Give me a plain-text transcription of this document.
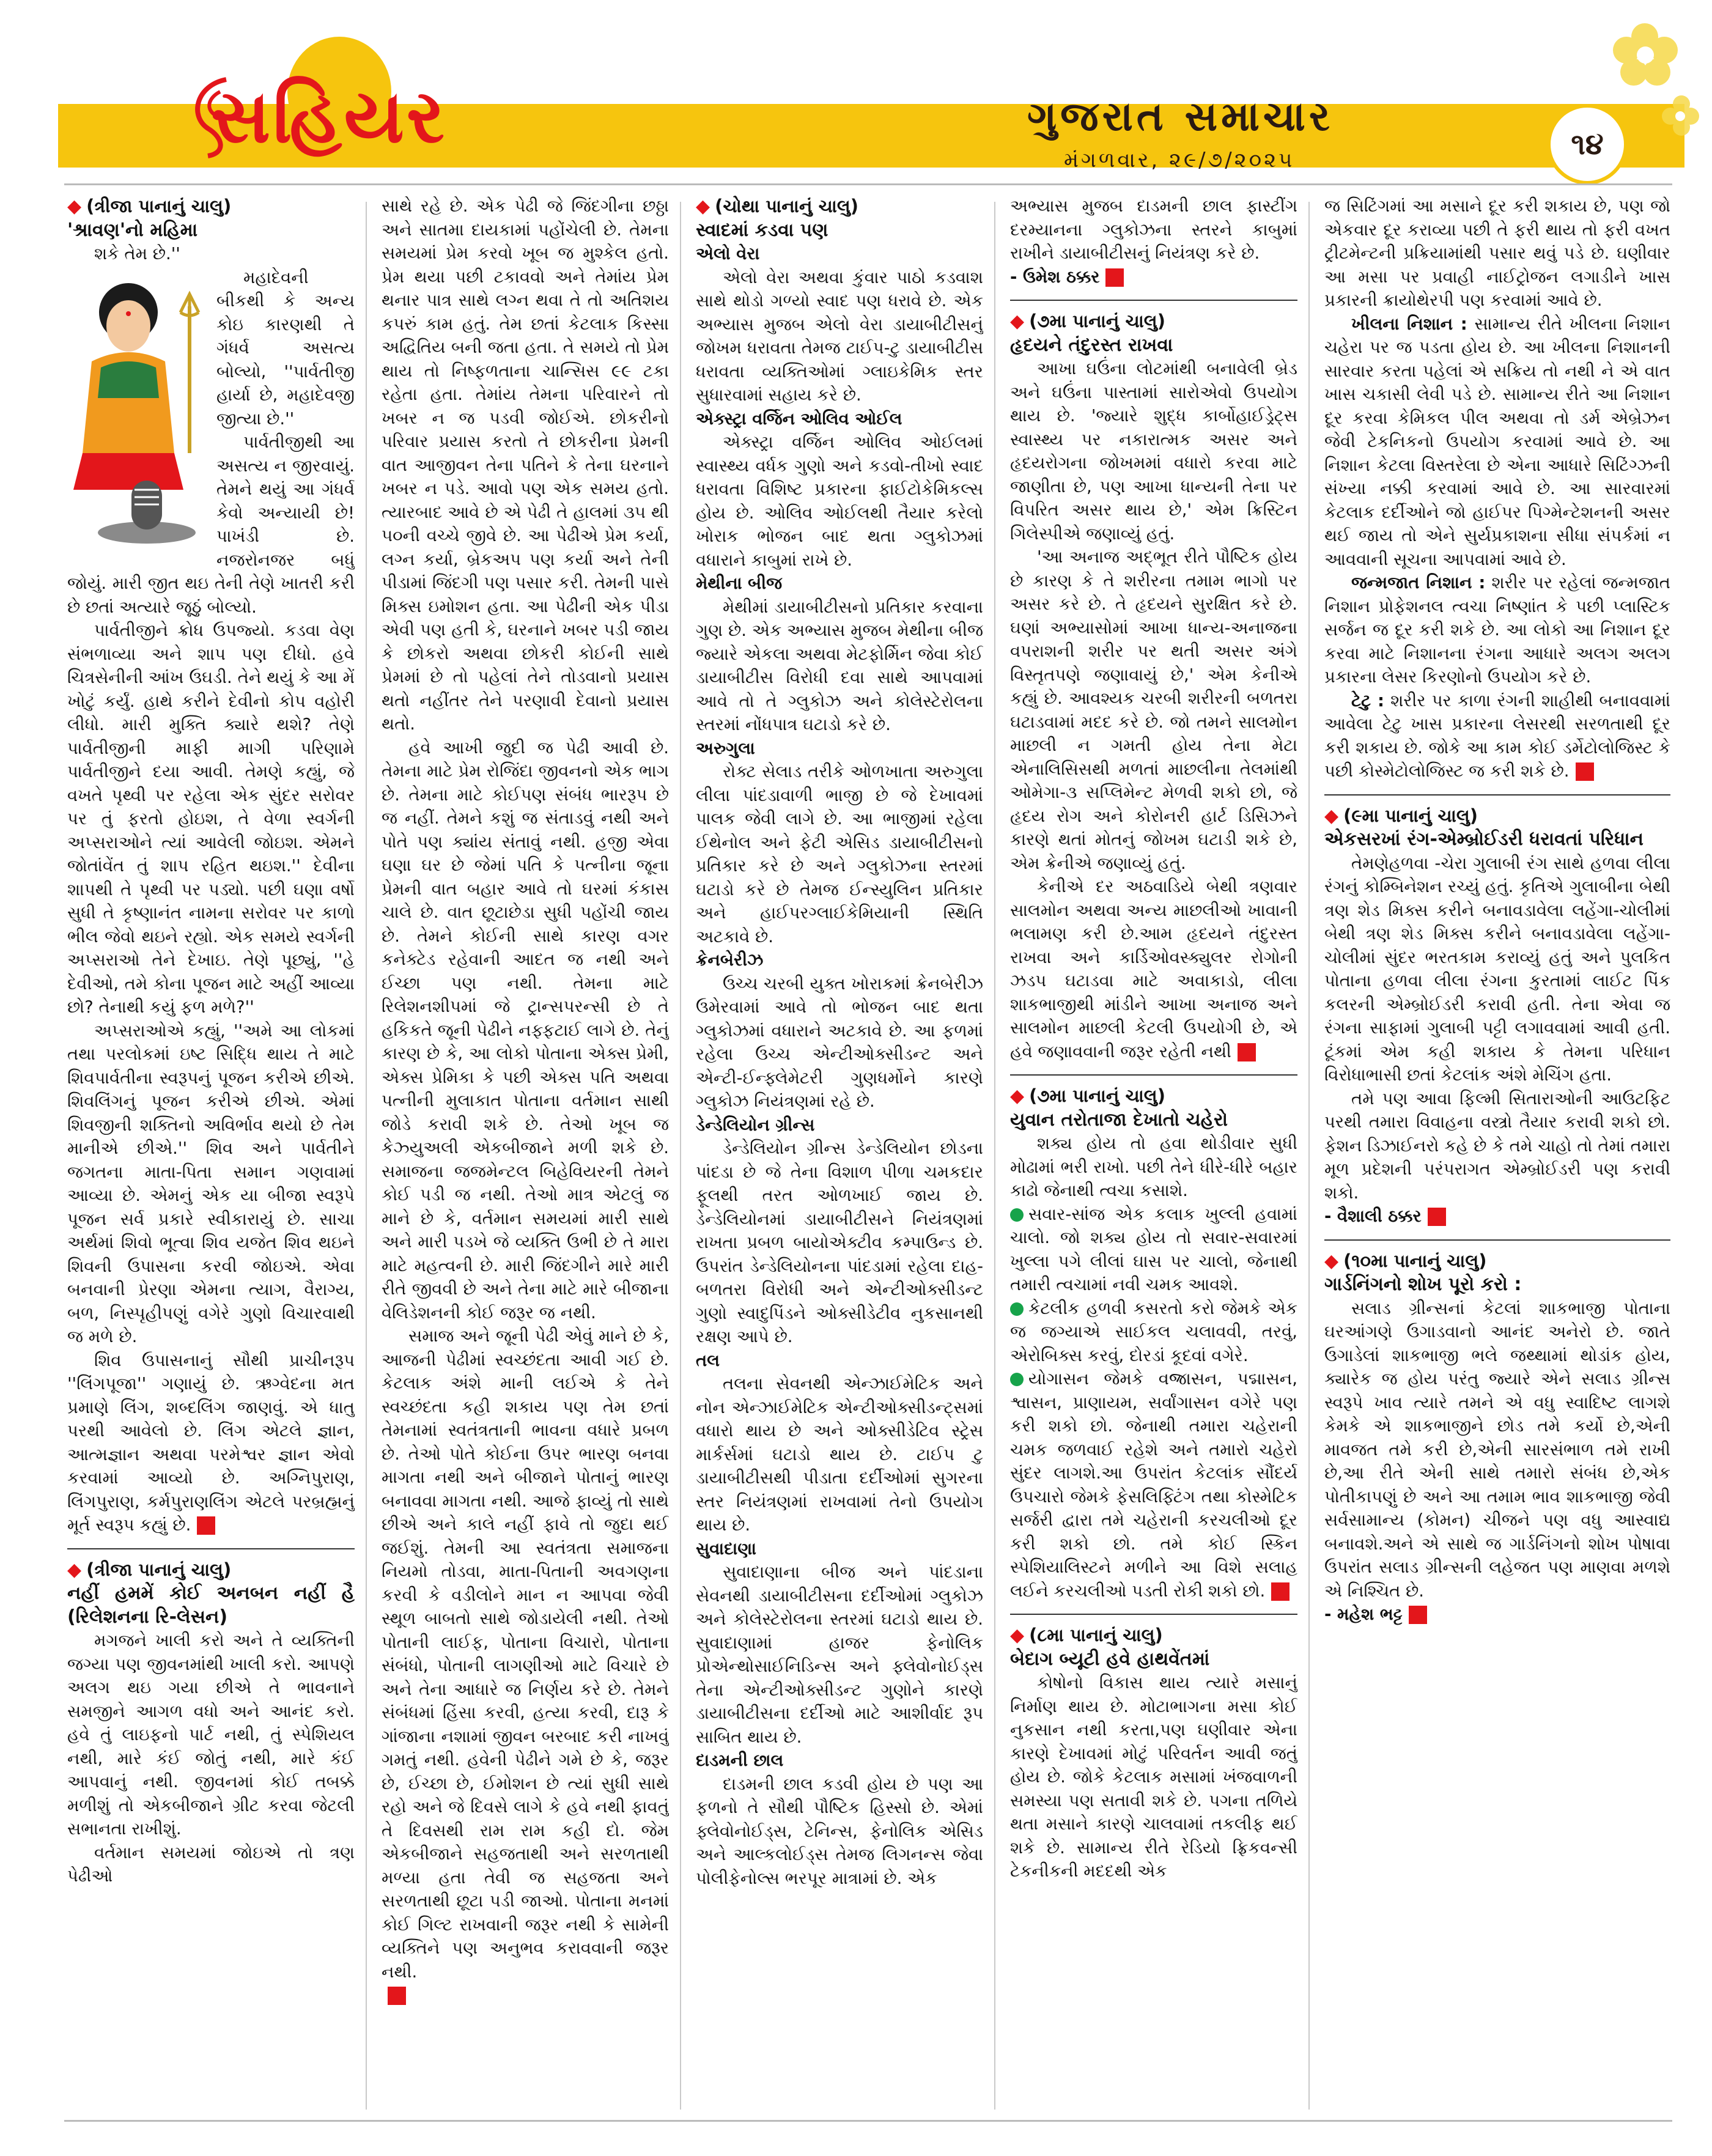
સહિયર	ગુજરાત સમાચાર
મંગળવાર, ૨૯/૭/૨૦૨૫	૧૪

◆ (ત્રીજા પાનાનું ચાલુ)

'શ્રાવણ'નો મહિમા

શકે તેમ છે.''

મહાદેવની બીકથી કે અન્ય કોઇ કારણથી તે ગંધર્વ અસત્ય બોલ્યો, ''પાર્વતીજી હાર્યા છે, મહાદેવજી જીત્યા છે.''

પાર્વતીજીથી આ અસત્ય ન જીરવાયું. તેમને થયું આ ગંધર્વ કેવો અન્યાયી છે! પાખંડી છે. નજરોનજર બધું જોયું. મારી જીત થઇ તેની તેણે ખાતરી કરી છે છતાં અત્યારે જૂઠું બોલ્યો.

પાર્વતીજીને ક્રોધ ઉપજ્યો. કડવા વેણ સંભળાવ્યા અને શાપ પણ દીધો. હવે ચિત્રસેનીની આંખ ઉઘડી. તેને થયું કે આ મેં ખોટું કર્યું. હાથે કરીને દેવીનો કોપ વહોરી લીધો. મારી મુક્તિ ક્યારે થશે? તેણે પાર્વતીજીની માફી માગી પરિણામે પાર્વતીજીને દયા આવી. તેમણે કહ્યું, જે વખતે પૃથ્વી પર રહેલા એક સુંદર સરોવર પર તું ફરતો હોઇશ, તે વેળા સ્વર્ગની અપ્સરાઓને ત્યાં આવેલી જોઇશ. એમને જોતાંવેંત તું શાપ રહિત થઇશ.'' દેવીના શાપથી તે પૃથ્વી પર પડ્યો. પછી ઘણા વર્ષો સુધી તે કૃષ્ણાનંત નામના સરોવર પર કાળો ભીલ જેવો થઇને રહ્યો. એક સમયે સ્વર્ગની અપ્સરાઓ તેને દેખાઇ. તેણે પૂછ્યું, ''હે દેવીઓ, તમે કોના પૂજન માટે અહીં આવ્યા છો? તેનાથી કયું ફળ મળે?''

અપ્સરાઓએ કહ્યું, ''અમે આ લોકમાં તથા પરલોકમાં ઇષ્ટ સિદ્ધિ થાય તે માટે શિવપાર્વતીના સ્વરૂપનું પૂજન કરીએ છીએ. શિવલિંગનું પૂજન કરીએ છીએ. એમાં શિવજીની શક્તિનો અવિર્ભાવ થયો છે તેમ માનીએ છીએ.'' શિવ અને પાર્વતીને જગતના માતા-પિતા સમાન ગણવામાં આવ્યા છે. એમનું એક યા બીજા સ્વરૂપે પૂજન સર્વ પ્રકારે સ્વીકારાયું છે. સાચા અર્થમાં શિવો ભૂત્વા શિવ યજેત શિવ થઇને શિવની ઉપાસના કરવી જોઇએ. એવા બનવાની પ્રેરણા એમના ત્યાગ, વૈરાગ્ય, બળ, નિસ્પૃહીપણું વગેરે ગુણો વિચારવાથી જ મળે છે.

શિવ ઉપાસનાનું સૌથી પ્રાચીનરૂપ ''લિંગપૂજા'' ગણાયું છે. ઋગ્વેદના મત પ્રમાણે લિંગ, શબ્દલિંગ જાણવું. એ ધાતુ પરથી આવેલો છે. લિંગ એટલે જ્ઞાન, આત્મજ્ઞાન અથવા પરમેશ્વર જ્ઞાન એવો કરવામાં આવ્યો છે. અગ્નિપુરાણ, લિંગપુરાણ, કર્મપુરાણલિંગ એટલે પરબ્રહ્મનું મૂર્ત સ્વરૂપ કહ્યું છે.

◆ (ત્રીજા પાનાનું ચાલુ)

નહીં હમમેં કોઈ અનબન નહીં હૈ (રિલેશનના રિ-લેસન)

મગજને ખાલી કરો અને તે વ્યક્તિની જગ્યા પણ જીવનમાંથી ખાલી કરો. આપણે અલગ થઇ ગયા છીએ તે ભાવનાને સમજીને આગળ વધો અને આનંદ કરો. હવે તું લાઇફનો પાર્ટ નથી, તું સ્પેશિયલ નથી, મારે કંઈ જોતું નથી, મારે કંઈ આપવાનું નથી. જીવનમાં કોઈ તબક્કે મળીશું તો એકબીજાને ગ્રીટ કરવા જેટલી સભાનતા રાખીશું.

વર્તમાન સમયમાં જોઇએ તો ત્રણ પેઢીઓ

સાથે રહે છે. એક પેઢી જે જિંદગીના છઠ્ઠા અને સાતમા દાયકામાં પહોંચેલી છે. તેમના સમયમાં પ્રેમ કરવો ખૂબ જ મુશ્કેલ હતો. પ્રેમ થયા પછી ટકાવવો અને તેમાંય પ્રેમ થનાર પાત્ર સાથે લગ્ન થવા તે તો અતિશય કપરું કામ હતું. તેમ છતાં કેટલાક કિસ્સા અદ્વિતિય બની જતા હતા. તે સમયે તો પ્રેમ થાય તો નિષ્ફળતાના ચાન્સિસ ૯૯ ટકા રહેતા હતા. તેમાંય તેમના પરિવારને તો ખબર ન જ પડવી જોઈએ. છોકરીનો પરિવાર પ્રયાસ કરતો તે છોકરીના પ્રેમની વાત આજીવન તેના પતિને કે તેના ઘરનાને ખબર ન પડે. આવો પણ એક સમય હતો. ત્યારબાદ આવે છે એ પેઢી તે હાલમાં ૩૫ થી ૫૦ની વચ્ચે જીવે છે. આ પેઢીએ પ્રેમ કર્યા, લગ્ન કર્યા, બ્રેકઅપ પણ કર્યા અને તેની પીડામાં જિંદગી પણ પસાર કરી. તેમની પાસે મિક્સ ઇમોશન હતા. આ પેઢીની એક પીડા એવી પણ હતી કે, ઘરનાને ખબર પડી જાય કે છોકરો અથવા છોકરી કોઈની સાથે પ્રેમમાં છે તો પહેલાં તેને તોડવાનો પ્રયાસ થતો નહીંતર તેને પરણાવી દેવાનો પ્રયાસ થતો.

હવે આખી જુદી જ પેઢી આવી છે. તેમના માટે પ્રેમ રોજિંદા જીવનનો એક ભાગ છે. તેમના માટે કોઈપણ સંબંધ ભારરૂપ છે જ નહીં. તેમને કશું જ સંતાડવું નથી અને પોતે પણ ક્યાંય સંતાવું નથી. હજી એવા ઘણા ઘર છે જેમાં પતિ કે પત્નીના જૂના પ્રેમની વાત બહાર આવે તો ઘરમાં કંકાસ ચાલે છે. વાત છૂટાછેડા સુધી પહોંચી જાય છે. તેમને કોઈની સાથે કારણ વગર કનેક્ટેડ રહેવાની આદત જ નથી અને ઈચ્છા પણ નથી. તેમના માટે રિલેશનશીપમાં જે ટ્રાન્સપરન્સી છે તે હકિકતે જૂની પેઢીને નફ્ફટાઈ લાગે છે. તેનું કારણ છે કે, આ લોકો પોતાના એક્સ પ્રેમી, એક્સ પ્રેમિકા કે પછી એક્સ પતિ અથવા પત્નીની મુલાકાત પોતાના વર્તમાન સાથી જોડે કરાવી શકે છે. તેઓ ખૂબ જ કેઝ્યુઅલી એકબીજાને મળી શકે છે. સમાજના જજમેન્ટલ બિહેવિયરની તેમને કોઈ પડી જ નથી. તેઓ માત્ર એટલું જ માને છે કે, વર્તમાન સમયમાં મારી સાથે અને મારી પડખે જે વ્યક્તિ ઉભી છે તે મારા માટે મહત્વની છે. મારી જિંદગીને મારે મારી રીતે જીવવી છે અને તેના માટે મારે બીજાના વેલિડેશનની કોઈ જરૂર જ નથી.

સમાજ અને જૂની પેઢી એવું માને છે કે, આજની પેઢીમાં સ્વચ્છંદતા આવી ગઈ છે. કેટલાક અંશે માની લઈએ કે તેને સ્વચ્છંદતા કહી શકાય પણ તેમ છતાં તેમનામાં સ્વતંત્રતાની ભાવના વધારે પ્રબળ છે. તેઓ પોતે કોઈના ઉપર ભારણ બનવા માગતા નથી અને બીજાને પોતાનું ભારણ બનાવવા માગતા નથી. આજે ફાવ્યું તો સાથે છીએ અને કાલે નહીં ફાવે તો જુદા થઈ જઈશું. તેમની આ સ્વતંત્રતા સમાજના નિયમો તોડવા, માતા-પિતાની અવગણના કરવી કે વડીલોને માન ન આપવા જેવી સ્થૂળ બાબતો સાથે જોડાયેલી નથી. તેઓ પોતાની લાઈફ, પોતાના વિચારો, પોતાના સંબંધો, પોતાની લાગણીઓ માટે વિચારે છે અને તેના આધારે જ નિર્ણય કરે છે. તેમને સંબંધમાં હિંસા કરવી, હત્યા કરવી, દારૂ કે ગાંજાના નશામાં જીવન બરબાદ કરી નાખવું ગમતું નથી. હવેની પેઢીને ગમે છે કે, જરૂર છે, ઈચ્છા છે, ઈમોશન છે ત્યાં સુધી સાથે રહો અને જે દિવસે લાગે કે હવે નથી ફાવતું તે દિવસથી રામ રામ કહી દો. જેમ એકબીજાને સહજતાથી અને સરળતાથી મળ્યા હતા તેવી જ સહજતા અને સરળતાથી છૂટા પડી જાઓ. પોતાના મનમાં કોઈ ગિલ્ટ રાખવાની જરૂર નથી કે સામેની વ્યક્તિને પણ અનુભવ કરાવવાની જરૂર નથી.

◆ (ચોથા પાનાનું ચાલુ)

સ્વાદમાં કડવા પણ

એલો વેરા

એલો વેરા અથવા કુંવાર પાઠો કડવાશ સાથે થોડો ગળ્યો સ્વાદ પણ ધરાવે છે. એક અભ્યાસ મુજબ એલો વેરા ડાયાબીટીસનું જોખમ ધરાવતા તેમજ ટાઈપ-ટુ ડાયાબીટીસ ધરાવતા વ્યક્તિઓમાં ગ્લાઇકેમિક સ્તર સુધારવામાં સહાય કરે છે.

એક્સ્ટ્રા વર્જિન ઓલિવ ઓઈલ

એક્સ્ટ્રા વર્જિન ઓલિવ ઓઈલમાં સ્વાસ્થ્ય વર્ધક ગુણો અને કડવો-તીખો સ્વાદ ધરાવતા વિશિષ્ટ પ્રકારના ફાઈટોકેમિકલ્સ હોય છે. ઓલિવ ઓઈલથી તૈયાર કરેલો ખોરાક ભોજન બાદ થતા ગ્લુકોઝમાં વધારાને કાબુમાં રાખે છે.

મેથીના બીજ

મેથીમાં ડાયાબીટીસનો પ્રતિકાર કરવાના ગુણ છે. એક અભ્યાસ મુજબ મેથીના બીજ જ્યારે એકલા અથવા મેટફોર્મિન જેવા કોઈ ડાયાબીટીસ વિરોધી દવા સાથે આપવામાં આવે તો તે ગ્લુકોઝ અને કોલેસ્ટેરોલના સ્તરમાં નોંધપાત્ર ઘટાડો કરે છે.

અરુગુલા

રોક્ટ સેલાડ તરીકે ઓળખાતા અરુગુલા લીલા પાંદડાવાળી ભાજી છે જે દેખાવમાં પાલક જેવી લાગે છે. આ ભાજીમાં રહેલા ઈથેનોલ અને ફેટી એસિડ ડાયાબીટીસનો પ્રતિકાર કરે છે અને ગ્લુકોઝના સ્તરમાં ઘટાડો કરે છે તેમજ ઈન્સ્યુલિન પ્રતિકાર અને હાઈપરગ્લાઈકેમિયાની સ્થિતિ અટકાવે છે.

ક્રેનબેરીઝ

ઉચ્ચ ચરબી યુક્ત ખોરાકમાં ક્રેનબેરીઝ ઉમેરવામાં આવે તો ભોજન બાદ થતા ગ્લુકોઝમાં વધારાને અટકાવે છે. આ ફળમાં રહેલા ઉચ્ચ એન્ટીઓક્સીડન્ટ અને એન્ટી-ઈન્ફ્લેમેટરી ગુણધર્મોને કારણે ગ્લુકોઝ નિયંત્રણમાં રહે છે.

ડેન્ડેલિયોન ગ્રીન્સ

ડેન્ડેલિયોન ગ્રીન્સ ડેન્ડેલિયોન છોડના પાંદડા છે જે તેના વિશાળ પીળા ચમકદાર ફૂલથી તરત ઓળખાઈ જાય છે. ડેન્ડેલિયોનમાં ડાયાબીટીસને નિયંત્રણમાં રાખતા પ્રબળ બાયોએક્ટીવ કમ્પાઉન્ડ છે. ઉપરાંત ડેન્ડેલિયોનના પાંદડામાં રહેલા દાહ-બળતરા વિરોધી અને એન્ટીઓક્સીડન્ટ ગુણો સ્વાદુપિંડને ઓક્સીડેટીવ નુકસાનથી રક્ષણ આપે છે.

તલ

તલના સેવનથી એન્ઝાઈમેટિક અને નોન એન્ઝાઈમેટિક એન્ટીઓક્સીડન્ટ્સમાં વધારો થાય છે અને ઓક્સીડેટિવ સ્ટ્રેસ માર્કર્સમાં ઘટાડો થાય છે. ટાઈપ ટુ ડાયાબીટીસથી પીડાતા દર્દીઓમાં સુગરના સ્તર નિયંત્રણમાં રાખવામાં તેનો ઉપયોગ થાય છે.

સુવાદાણા

સુવાદાણાના બીજ અને પાંદડાના સેવનથી ડાયાબીટીસના દર્દીઓમાં ગ્લુકોઝ અને કોલેસ્ટેરોલના સ્તરમાં ઘટાડો થાય છે. સુવાદાણામાં હાજર ફેનોલિક પ્રોએન્થોસાઈનિડિન્સ અને ફ્લેવોનોઈડ્સ તેના એન્ટીઓક્સીડન્ટ ગુણોને કારણે ડાયાબીટીસના દર્દીઓ માટે આશીર્વાદ રૂપ સાબિત થાય છે.

દાડમની છાલ

દાડમની છાલ કડવી હોય છે પણ આ ફળનો તે સૌથી પૌષ્ટિક હિસ્સો છે. એમાં ફ્લેવોનોઈડ્સ, ટેનિન્સ, ફેનોલિક એસિડ અને આલ્કલોઈડ્સ તેમજ લિગનન્સ જેવા પોલીફેનોલ્સ ભરપૂર માત્રામાં છે. એક

અભ્યાસ મુજબ દાડમની છાલ ફાસ્ટીંગ દરમ્યાનના ગ્લુકોઝના સ્તરને કાબુમાં રાખીને ડાયાબીટીસનું નિયંત્રણ કરે છે.

- ઉમેશ ઠક્કર

◆ (૭મા પાનાનું ચાલુ)

હૃદયને તંદુરસ્ત રાખવા

આખા ઘઉંના લોટમાંથી બનાવેલી બ્રેડ અને ઘઉંના પાસ્તામાં સારોએવો ઉપયોગ થાય છે. 'જ્યારે શુદ્ધ કાર્બોહાઈડ્રેટ્સ સ્વાસ્થ્ય પર નકારાત્મક અસર અને હૃદયરોગના જોખમમાં વધારો કરવા માટે જાણીતા છે, પણ આખા ધાન્યની તેના પર વિપરિત અસર થાય છે,' એમ ક્રિસ્ટિન ગિલેસ્પીએ જણાવ્યું હતું.

'આ અનાજ અદ્ભૂત રીતે પૌષ્ટિક હોય છે કારણ કે તે શરીરના તમામ ભાગો પર અસર કરે છે. તે હૃદયને સુરક્ષિત કરે છે. ઘણાં અભ્યાસોમાં આખા ધાન્ય-અનાજના વપરાશની શરીર પર થતી અસર અંગે વિસ્તૃતપણે જણાવાયું છે,' એમ કેનીએ કહ્યું છે. આવશ્યક ચરબી શરીરની બળતરા ઘટાડવામાં મદદ કરે છે. જો તમને સાલમોન માછલી ન ગમતી હોય તેના મેટા એનાલિસિસથી મળતાં માછલીના તેલમાંથી ઓમેગા-૩ સપ્લિમેન્ટ મેળવી શકો છો, જે હૃદય રોગ અને કોરોનરી હાર્ટ ડિસિઝને કારણે થતાં મોતનું જોખમ ઘટાડી શકે છે, એમ ક્રેનીએ જણાવ્યું હતું.

કેનીએ દર અઠવાડિયે બેથી ત્રણવાર સાલમોન અથવા અન્ય માછલીઓ ખાવાની ભલામણ કરી છે.આમ હૃદયને તંદુરસ્ત રાખવા અને કાર્ડિઓવસ્ક્યુલર રોગોની ઝડપ ઘટાડવા માટે અવાકાડો, લીલા શાકભાજીથી માંડીને આખા અનાજ અને સાલમોન માછલી કેટલી ઉપયોગી છે, એ હવે જણાવવાની જરૂર રહેતી નથી

◆ (૭મા પાનાનું ચાલુ)

યુવાન તરોતાજા દેખાતો ચહેરો

શક્ય હોય તો હવા થોડીવાર સુધી મોઢામાં ભરી રાખો. પછી તેને ધીરે-ધીરે બહાર કાઢો જેનાથી ત્વચા કસાશે.

સવાર-સાંજ એક કલાક ખુલ્લી હવામાં ચાલો. જો શક્ય હોય તો સવાર-સવારમાં ખુલ્લા પગે લીલાં ઘાસ પર ચાલો, જેનાથી તમારી ત્વચામાં નવી ચમક આવશે.

કેટલીક હળવી કસરતો કરો જેમકે એક જ જગ્યાએ સાઈકલ ચલાવવી, તરવું, એરોબિક્સ કરવું, દોરડાં કૂદવાં વગેરે.

યોગાસન જેમકે વજ્રાસન, પદ્માસન, શ્વાસન, પ્રાણાયમ, સર્વાંગાસન વગેરે પણ કરી શકો છો. જેનાથી તમારા ચહેરાની ચમક જળવાઈ રહેશે અને તમારો ચહેરો સુંદર લાગશે.આ ઉપરાંત કેટલાંક સૌંદર્ય ઉપચારો જેમકે ફેસલિફ્ટિંગ તથા કોસ્મેટિક સર્જરી દ્વારા તમે ચહેરાની કરચલીઓ દૂર કરી શકો છો. તમે કોઈ સ્કિન સ્પેશિયાલિસ્ટને મળીને આ વિશે સલાહ લઈને કરચલીઓ પડતી રોકી શકો છો.

◆ (૮મા પાનાનું ચાલુ)

બેદાગ બ્યૂટી હવે હાથવેંતમાં

કોષોનો વિકાસ થાય ત્યારે મસાનું નિર્માણ થાય છે. મોટાભાગના મસા કોઈ નુકસાન નથી કરતા,પણ ઘણીવાર એના કારણે દેખાવમાં મોટું પરિવર્તન આવી જતું હોય છે. જોકે કેટલાક મસામાં ખંજવાળની સમસ્યા પણ સતાવી શકે છે. પગના તળિયે થતા મસાને કારણે ચાલવામાં તકલીફ થઈ શકે છે. સામાન્ય રીતે રેડિયો ફ્રિકવન્સી ટેકનીકની મદદથી એક

જ સિટિંગમાં આ મસાને દૂર કરી શકાય છે, પણ જો એકવાર દૂર કરાવ્યા પછી તે ફરી થાય તો ફરી વખત ટ્રીટમેન્ટની પ્રક્રિયામાંથી પસાર થવું પડે છે. ઘણીવાર આ મસા પર પ્રવાહી નાઈટ્રોજન લગાડીને ખાસ પ્રકારની ક્રાયોથેરપી પણ કરવામાં આવે છે.

ખીલના નિશાન : સામાન્ય રીતે ખીલના નિશાન ચહેરા પર જ પડતા હોય છે. આ ખીલના નિશાનની સારવાર કરતા પહેલાં એ સક્રિય તો નથી ને એ વાત ખાસ ચકાસી લેવી પડે છે. સામાન્ય રીતે આ નિશાન દૂર કરવા કેમિકલ પીલ અથવા તો ડર્મ એબ્રેઝન જેવી ટેકનિકનો ઉપયોગ કરવામાં આવે છે. આ નિશાન કેટલા વિસ્તરેલા છે એના આધારે સિટિંગ્ઝની સંખ્યા નક્કી કરવામાં આવે છે. આ સારવારમાં કેટલાક દર્દીઓને જો હાઈપર પિગ્મેન્ટેશનની અસર થઈ જાય તો એને સુર્યપ્રકાશના સીધા સંપર્કમાં ન આવવાની સૂચના આપવામાં આવે છે.

જન્મજાત નિશાન : શરીર પર રહેલાં જન્મજાત નિશાન પ્રોફેશનલ ત્વચા નિષ્ણાંત કે પછી પ્લાસ્ટિક સર્જન જ દૂર કરી શકે છે. આ લોકો આ નિશાન દૂર કરવા માટે નિશાનના રંગના આધારે અલગ અલગ પ્રકારના લેસર કિરણોનો ઉપયોગ કરે છે.

ટેટુ : શરીર પર કાળા રંગની શાહીથી બનાવવામાં આવેલા ટેટુ ખાસ પ્રકારના લેસરથી સરળતાથી દૂર કરી શકાય છે. જોકે આ કામ કોઈ ડર્મેટોલોજિસ્ટ કે પછી કોસ્મેટોલોજિસ્ટ જ કરી શકે છે.

◆ (૯મા પાનાનું ચાલુ)

એકસરખાં રંગ-એમ્બ્રોઈડરી ધરાવતાં પરિધાન

તેમણેહળવા -ચેરા ગુલાબી રંગ સાથે હળવા લીલા રંગનું કોમ્બિનેશન રચ્યું હતું. કૃતિએ ગુલાબીના બેથી ત્રણ શેડ મિક્સ કરીને બનાવડાવેલા લહેંગા-ચોલીમાં બેથી ત્રણ શેડ મિક્સ કરીને બનાવડાવેલા લહેંગા-ચોલીમાં સુંદર ભરતકામ કરાવ્યું હતું અને પુલકિત પોતાના હળવા લીલા રંગના કુરતામાં લાઈટ પિંક કલરની એમ્બ્રોઈડરી કરાવી હતી. તેના એવા જ રંગના સાફામાં ગુલાબી પટ્ટી લગાવવામાં આવી હતી. ટૂંકમાં એમ કહી શકાય કે તેમના પરિધાન વિરોધાભાસી છતાં કેટલાંક અંશે મેચિંગ હતા.

તમે પણ આવા ફિલ્મી સિતારાઓની આઉટફિટ પરથી તમારા વિવાહના વસ્ત્રો તૈયાર કરાવી શકો છો. ફેશન ડિઝાઈનરો કહે છે કે તમે ચાહો તો તેમાં તમારા મૂળ પ્રદેશની પરંપરાગત એમ્બ્રોઈડરી પણ કરાવી શકો.

- વૈશાલી ઠક્કર

◆ (૧૦મા પાનાનું ચાલુ)

ગાર્ડનિંગનો શોખ પૂરો કરો :

સલાડ ગ્રીન્સનાં કેટલાં શાકભાજી પોતાના ઘરઆંગણે ઉગાડવાનો આનંદ અનેરો છે. જાતે ઉગાડેલાં શાકભાજી ભલે જથ્થામાં થોડાંક હોય, ક્યારેક જ હોય પરંતુ જ્યારે એને સલાડ ગ્રીન્સ સ્વરૂપે ખાવ ત્યારે તમને એ વધુ સ્વાદિષ્ટ લાગશે કેમકે એ શાકભાજીને છોડ તમે કર્યો છે,એની માવજત તમે કરી છે,એની સારસંભાળ તમે રાખી છે,આ રીતે એની સાથે તમારો સંબંધ છે,એક પોતીકાપણું છે અને આ તમામ ભાવ શાકભાજી જેવી સર્વસામાન્ય (કોમન) ચીજને પણ વધુ આસ્વાદ્ય બનાવશે.અને એ સાથે જ ગાર્ડનિંગનો શોખ પોષાવા ઉપરાંત સલાડ ગ્રીન્સની લહેજત પણ માણવા મળશે એ નિશ્ચિત છે.

- મહેશ ભટ્ટ
